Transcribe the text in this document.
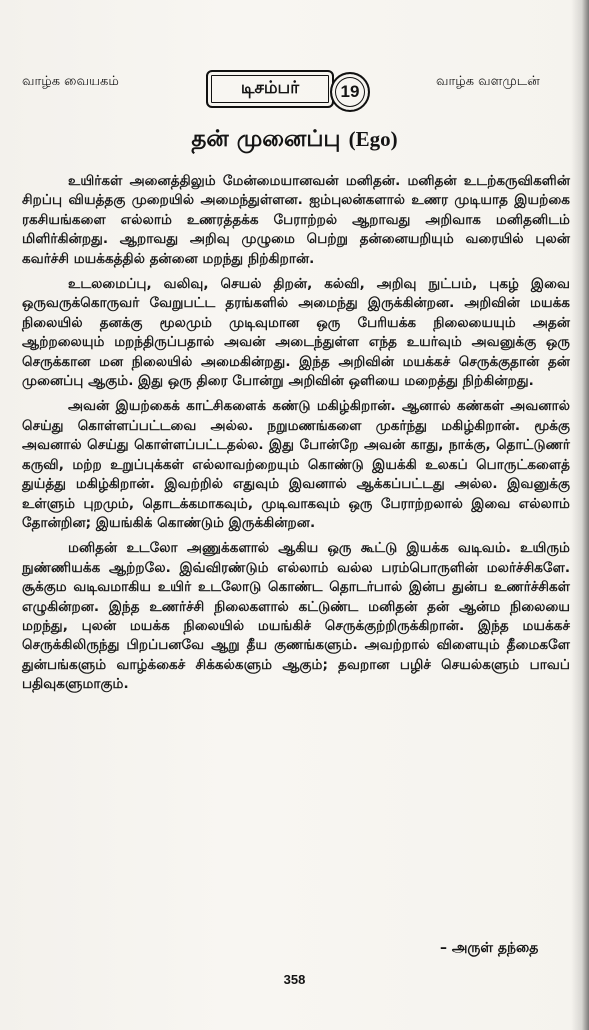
வாழ்க வையகம்	டிசம்பர் 19
வாழ்க வளமுடன்
தன் முனைப்பு (Ego)

உயிர்கள் அனைத்திலும் மேன்மையானவன் மனிதன். மனிதன் உடற்கருவிகளின் சிறப்பு வியத்தகு முறையில் அமைந்துள்ளன. ஐம்புலன்களால் உணர முடியாத இயற்கை ரகசியங்களை எல்லாம் உணரத்தக்க பேராற்றல் ஆறாவது அறிவாக மனிதனிடம் மிளிர்கின்றது. ஆறாவது அறிவு முழுமை பெற்று தன்னையறியும் வரையில் புலன் கவர்ச்சி மயக்கத்தில் தன்னை மறந்து நிற்கிறான்.

உடலமைப்பு, வலிவு, செயல் திறன், கல்வி, அறிவு நுட்பம், புகழ் இவை ஒருவருக்கொருவர் வேறுபட்ட தரங்களில் அமைந்து இருக்கின்றன. அறிவின் மயக்க நிலையில் தனக்கு மூலமும் முடிவுமான ஒரு பேரியக்க நிலையையும் அதன் ஆற்றலையும் மறந்திருப்பதால் அவன் அடைந்துள்ள எந்த உயர்வும் அவனுக்கு ஒரு செருக்கான மன நிலையில் அமைகின்றது. இந்த அறிவின் மயக்கச் செருக்குதான் தன் முனைப்பு ஆகும். இது ஒரு திரை போன்று அறிவின் ஒளியை மறைத்து நிற்கின்றது.

அவன் இயற்கைக் காட்சிகளைக் கண்டு மகிழ்கிறான். ஆனால் கண்கள் அவனால் செய்து கொள்ளப்பட்டவை அல்ல. நறுமணங்களை முகர்ந்து மகிழ்கிறான். மூக்கு அவனால் செய்து கொள்ளப்பட்டதல்ல. இது போன்றே அவன் காது, நாக்கு, தொட்டுணர் கருவி, மற்ற உறுப்புக்கள் எல்லாவற்றையும் கொண்டு இயக்கி உலகப் பொருட்களைத் துய்த்து மகிழ்கிறான். இவற்றில் எதுவும் இவனால் ஆக்கப்பட்டது அல்ல. இவனுக்கு உள்ளும் புறமும், தொடக்கமாகவும், முடிவாகவும் ஒரு பேராற்றலால் இவை எல்லாம் தோன்றின; இயங்கிக் கொண்டும் இருக்கின்றன.

மனிதன் உடலோ அணுக்களால் ஆகிய ஒரு கூட்டு இயக்க வடிவம். உயிரும் நுண்ணியக்க ஆற்றலே. இவ்விரண்டும் எல்லாம் வல்ல பரம்பொருளின் மலர்ச்சிகளே. சூக்கும வடிவமாகிய உயிர் உடலோடு கொண்ட தொடர்பால் இன்ப துன்ப உணர்ச்சிகள் எழுகின்றன. இந்த உணர்ச்சி நிலைகளால் கட்டுண்ட மனிதன் தன் ஆன்ம நிலையை மறந்து, புலன் மயக்க நிலையில் மயங்கிச் செருக்குற்றிருக்கிறான். இந்த மயக்கச் செருக்கிலிருந்து பிறப்பனவே ஆறு தீய குணங்களும். அவற்றால் விளையும் தீமைகளே துன்பங்களும் வாழ்க்கைச் சிக்கல்களும் ஆகும்; தவறான பழிச் செயல்களும் பாவப் பதிவுகளுமாகும்.

– அருள் தந்தை
358
